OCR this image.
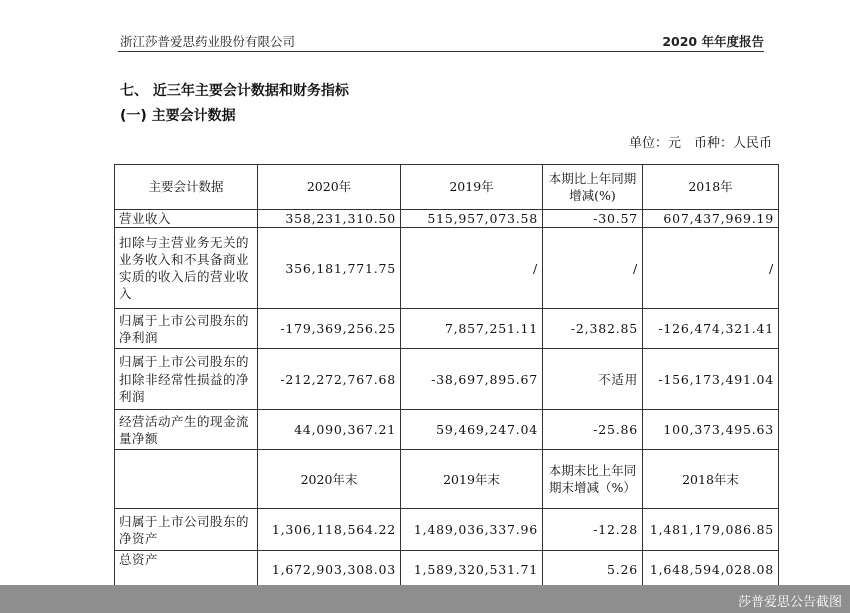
浙江莎普爱思药业股份有限公司	2020 年年度报告
七、 近三年主要会计数据和财务指标
(一) 主要会计数据
单位：元　币种：人民币
主要会计数据	2020年	2019年	本期比上年同期增减(%)	2018年
营业收入	358,231,310.50	515,957,073.58	-30.57	607,437,969.19
扣除与主营业务无关的业务收入和不具备商业实质的收入后的营业收入	356,181,771.75	/	/	/
归属于上市公司股东的净利润	-179,369,256.25	7,857,251.11	-2,382.85	-126,474,321.41
归属于上市公司股东的扣除非经常性损益的净利润	-212,272,767.68	-38,697,895.67	不适用	-156,173,491.04
经营活动产生的现金流量净额	44,090,367.21	59,469,247.04	-25.86	100,373,495.63
	2020年末	2019年末	本期末比上年同期末增减（%）	2018年末
归属于上市公司股东的净资产	1,306,118,564.22	1,489,036,337.96	-12.28	1,481,179,086.85
总资产	1,672,903,308.03	1,589,320,531.71	5.26	1,648,594,028.08
莎普爱思公告截图
